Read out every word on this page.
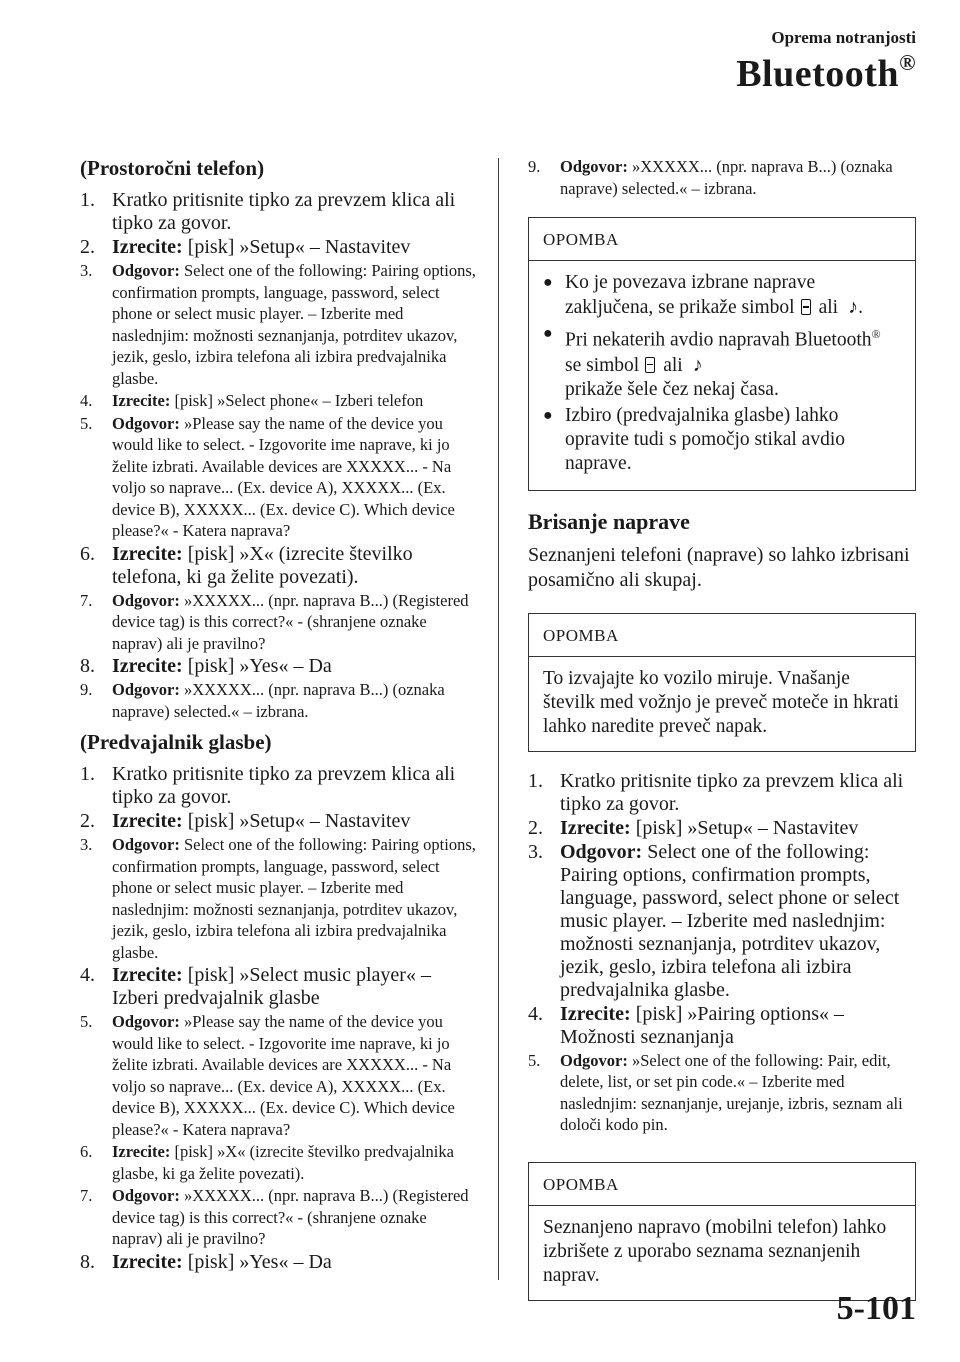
Oprema notranjosti
Bluetooth®
(Prostoročni telefon)
1. Kratko pritisnite tipko za prevzem klica ali tipko za govor.
2. Izrecite: [pisk] »Setup« – Nastavitev
3.	Odgovor: Select one of the following: Pairing options, confirmation prompts, language, password, select phone or select music player. – Izberite med naslednjim: možnosti seznanjanja, potrditev ukazov, jezik, geslo, izbira telefona ali izbira predvajalnika glasbe.
4.	Izrecite: [pisk] »Select phone« – Izberi telefon
5.	Odgovor: »Please say the name of the device you would like to select. - Izgovorite ime naprave, ki jo želite izbrati. Available devices are XXXXX... - Na voljo so naprave... (Ex. device A), XXXXX... (Ex. device B), XXXXX... (Ex. device C). Which device please?« - Katera naprava?
6. Izrecite: [pisk] »X« (izrecite številko telefona, ki ga želite povezati).
7.	Odgovor: »XXXXX... (npr. naprava B...) (Registered device tag) is this correct?« - (shranjene oznake naprav) ali je pravilno?
8. Izrecite: [pisk] »Yes« – Da
9.	Odgovor: »XXXXX... (npr. naprava B...) (oznaka naprave) selected.« – izbrana.
(Predvajalnik glasbe)
1. Kratko pritisnite tipko za prevzem klica ali tipko za govor.
2. Izrecite: [pisk] »Setup« – Nastavitev
3.	Odgovor: Select one of the following: Pairing options, confirmation prompts, language, password, select phone or select music player. – Izberite med naslednjim: možnosti seznanjanja, potrditev ukazov, jezik, geslo, izbira telefona ali izbira predvajalnika glasbe.
4. Izrecite: [pisk] »Select music player« – Izberi predvajalnik glasbe
5.	Odgovor: »Please say the name of the device you would like to select. - Izgovorite ime naprave, ki jo želite izbrati. Available devices are XXXXX... - Na voljo so naprave... (Ex. device A), XXXXX... (Ex. device B), XXXXX... (Ex. device C). Which device please?« - Katera naprava?
6.	Izrecite: [pisk] »X« (izrecite številko predvajalnika glasbe, ki ga želite povezati).
7.	Odgovor: »XXXXX... (npr. naprava B...) (Registered device tag) is this correct?« - (shranjene oznake naprav) ali je pravilno?
8. Izrecite: [pisk] »Yes« – Da
9.	Odgovor: »XXXXX... (npr. naprava B...) (oznaka naprave) selected.« – izbrana.
OPOMBA
● Ko je povezava izbrane naprave zaključena, se prikaže simbol ali ♪.
● Pri nekaterih avdio napravah Bluetooth® se simbol ali ♪
prikaže šele čez nekaj časa.
● Izbiro (predvajalnika glasbe) lahko opravite tudi s pomočjo stikal avdio naprave.
Brisanje naprave
Seznanjeni telefoni (naprave) so lahko izbrisani posamično ali skupaj.
OPOMBA
To izvajajte ko vozilo miruje. Vnašanje številk med vožnjo je preveč moteče in hkrati lahko naredite preveč napak.
1. Kratko pritisnite tipko za prevzem klica ali tipko za govor.
2. Izrecite: [pisk] »Setup« – Nastavitev
3. Odgovor: Select one of the following: Pairing options, confirmation prompts, language, password, select phone or select music player. – Izberite med naslednjim: možnosti seznanjanja, potrditev ukazov, jezik, geslo, izbira telefona ali izbira predvajalnika glasbe.
4. Izrecite: [pisk] »Pairing options« – Možnosti seznanjanja
5.	Odgovor: »Select one of the following: Pair, edit, delete, list, or set pin code.« – Izberite med naslednjim: seznanjanje, urejanje, izbris, seznam ali določi kodo pin.
OPOMBA
Seznanjeno napravo (mobilni telefon) lahko izbrišete z uporabo seznama seznanjenih naprav.
5-101
